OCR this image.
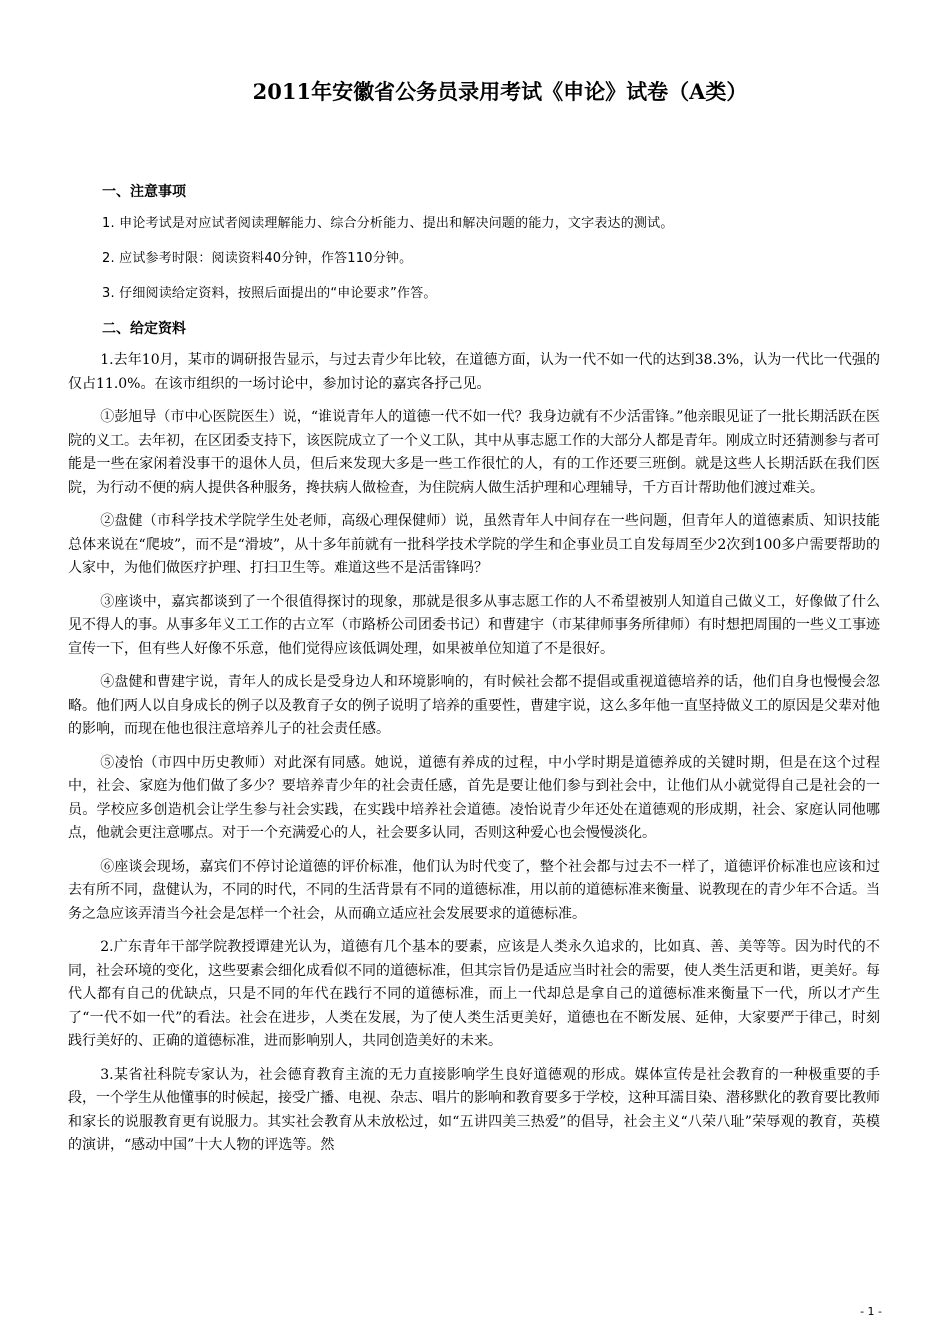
2011年安徽省公务员录用考试《申论》试卷（A类）

一、注意事项

1. 申论考试是对应试者阅读理解能力、综合分析能力、提出和解决问题的能力，文字表达的测试。

2. 应试参考时限：阅读资料40分钟，作答110分钟。

3. 仔细阅读给定资料，按照后面提出的“申论要求”作答。

二、给定资料

1.去年10月，某市的调研报告显示，与过去青少年比较，在道德方面，认为一代不如一代的达到38.3%，认为一代比一代强的仅占11.0%。在该市组织的一场讨论中，参加讨论的嘉宾各抒己见。

①彭旭导（市中心医院医生）说，“谁说青年人的道德一代不如一代？我身边就有不少活雷锋。”他亲眼见证了一批长期活跃在医院的义工。去年初，在区团委支持下，该医院成立了一个义工队，其中从事志愿工作的大部分人都是青年。刚成立时还猜测参与者可能是一些在家闲着没事干的退休人员，但后来发现大多是一些工作很忙的人，有的工作还要三班倒。就是这些人长期活跃在我们医院，为行动不便的病人提供各种服务，搀扶病人做检查，为住院病人做生活护理和心理辅导，千方百计帮助他们渡过难关。

②盘健（市科学技术学院学生处老师，高级心理保健师）说，虽然青年人中间存在一些问题，但青年人的道德素质、知识技能总体来说在“爬坡”，而不是“滑坡”，从十多年前就有一批科学技术学院的学生和企事业员工自发每周至少2次到100多户需要帮助的人家中，为他们做医疗护理、打扫卫生等。难道这些不是活雷锋吗？

③座谈中，嘉宾都谈到了一个很值得探讨的现象，那就是很多从事志愿工作的人不希望被别人知道自己做义工，好像做了什么见不得人的事。从事多年义工工作的古立军（市路桥公司团委书记）和曹建宇（市某律师事务所律师）有时想把周围的一些义工事迹宣传一下，但有些人好像不乐意，他们觉得应该低调处理，如果被单位知道了不是很好。

④盘健和曹建宇说，青年人的成长是受身边人和环境影响的，有时候社会都不提倡或重视道德培养的话，他们自身也慢慢会忽略。他们两人以自身成长的例子以及教育子女的例子说明了培养的重要性，曹建宇说，这么多年他一直坚持做义工的原因是父辈对他的影响，而现在他也很注意培养儿子的社会责任感。

⑤凌怡（市四中历史教师）对此深有同感。她说，道德有养成的过程，中小学时期是道德养成的关键时期，但是在这个过程中，社会、家庭为他们做了多少？要培养青少年的社会责任感，首先是要让他们参与到社会中，让他们从小就觉得自己是社会的一员。学校应多创造机会让学生参与社会实践，在实践中培养社会道德。凌怡说青少年还处在道德观的形成期，社会、家庭认同他哪点，他就会更注意哪点。对于一个充满爱心的人，社会要多认同，否则这种爱心也会慢慢淡化。

⑥座谈会现场，嘉宾们不停讨论道德的评价标准，他们认为时代变了，整个社会都与过去不一样了，道德评价标准也应该和过去有所不同，盘健认为，不同的时代，不同的生活背景有不同的道德标准，用以前的道德标准来衡量、说教现在的青少年不合适。当务之急应该弄清当今社会是怎样一个社会，从而确立适应社会发展要求的道德标准。

2.广东青年干部学院教授谭建光认为，道德有几个基本的要素，应该是人类永久追求的，比如真、善、美等等。因为时代的不同，社会环境的变化，这些要素会细化成看似不同的道德标准，但其宗旨仍是适应当时社会的需要，使人类生活更和谐，更美好。每代人都有自己的优缺点，只是不同的年代在践行不同的道德标准，而上一代却总是拿自己的道德标准来衡量下一代，所以才产生了“一代不如一代”的看法。社会在进步，人类在发展，为了使人类生活更美好，道德也在不断发展、延伸，大家要严于律己，时刻践行美好的、正确的道德标准，进而影响别人，共同创造美好的未来。

3.某省社科院专家认为，社会德育教育主流的无力直接影响学生良好道德观的形成。媒体宣传是社会教育的一种极重要的手段，一个学生从他懂事的时候起，接受广播、电视、杂志、唱片的影响和教育要多于学校，这种耳濡目染、潜移默化的教育要比教师和家长的说服教育更有说服力。其实社会教育从未放松过，如“五讲四美三热爱”的倡导，社会主义“八荣八耻”荣辱观的教育，英模的演讲，“感动中国”十大人物的评选等。然

- 1 -
